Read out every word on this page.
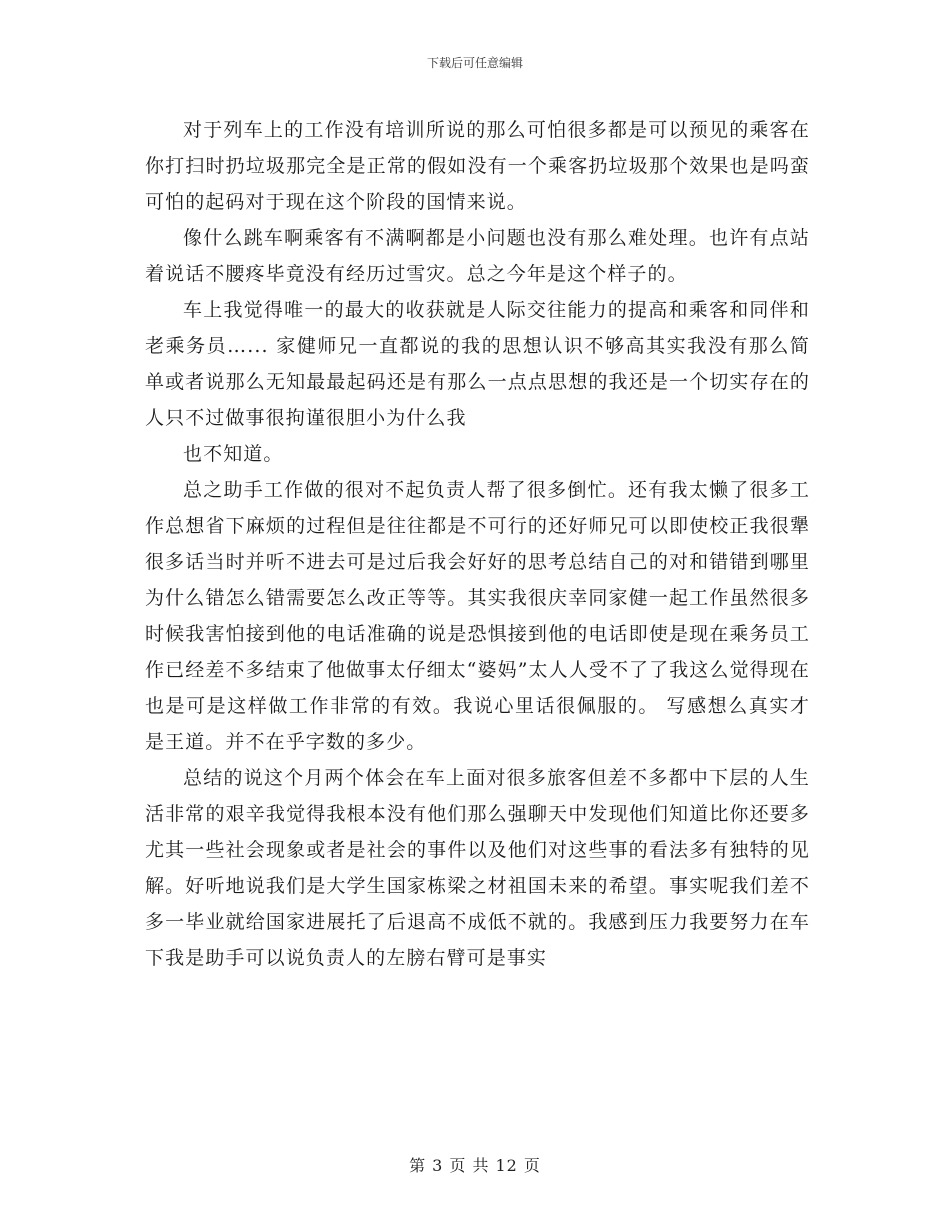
下载后可任意编辑

对于列车上的工作没有培训所说的那么可怕很多都是可以预见的乘客在你打扫时扔垃圾那完全是正常的假如没有一个乘客扔垃圾那个效果也是吗蛮可怕的起码对于现在这个阶段的国情来说。

像什么跳车啊乘客有不满啊都是小问题也没有那么难处理。也许有点站着说话不腰疼毕竟没有经历过雪灾。总之今年是这个样子的。

车上我觉得唯一的最大的收获就是人际交往能力的提高和乘客和同伴和老乘务员…... 家健师兄一直都说的我的思想认识不够高其实我没有那么简单或者说那么无知最最起码还是有那么一点点思想的我还是一个切实存在的人只不过做事很拘谨很胆小为什么我

也不知道。

总之助手工作做的很对不起负责人帮了很多倒忙。还有我太懒了很多工作总想省下麻烦的过程但是往往都是不可行的还好师兄可以即使校正我很犟很多话当时并听不进去可是过后我会好好的思考总结自己的对和错错到哪里为什么错怎么错需要怎么改正等等。其实我很庆幸同家健一起工作虽然很多时候我害怕接到他的电话准确的说是恐惧接到他的电话即使是现在乘务员工作已经差不多结束了他做事太仔细太“婆妈”太人人受不了了我这么觉得现在也是可是这样做工作非常的有效。我说心里话很佩服的。 写感想么真实才是王道。并不在乎字数的多少。

总结的说这个月两个体会在车上面对很多旅客但差不多都中下层的人生活非常的艰辛我觉得我根本没有他们那么强聊天中发现他们知道比你还要多尤其一些社会现象或者是社会的事件以及他们对这些事的看法多有独特的见解。好听地说我们是大学生国家栋梁之材祖国未来的希望。事实呢我们差不多一毕业就给国家进展托了后退高不成低不就的。我感到压力我要努力在车下我是助手可以说负责人的左膀右臂可是事实

第 3 页 共 12 页
